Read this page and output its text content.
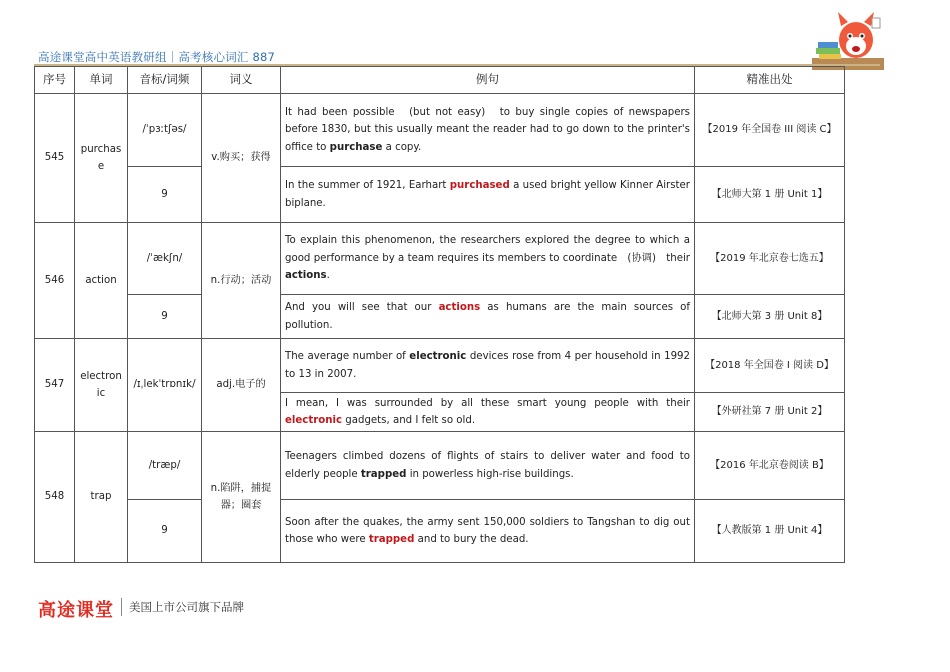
高途课堂高中英语教研组｜高考核心词汇 887
序号	单词	音标/词频	词义	例句	精准出处
545	purchase	/ˈpɜːtʃəs/	v.购买；获得	It had been possible　(but not easy)　to buy single copies of newspapers before 1830, but this usually meant the reader had to go down to the printer's office to purchase a copy.	【2019 年全国卷 III 阅读 C】
		9		In the summer of 1921, Earhart purchased a used bright yellow Kinner Airster biplane.	【北师大第 1 册 Unit 1】
546	action	/ˈækʃn/	n.行动；活动	To explain this phenomenon, the researchers explored the degree to which a good performance by a team requires its members to coordinate　(协调)　their actions.	【2019 年北京卷七选五】
		9		And you will see that our actions as humans are the main sources of pollution.	【北师大第 3 册 Unit 8】
547	electronic	/ɪˌlekˈtrɒnɪk/	adj.电子的	The average number of electronic devices rose from 4 per household in 1992 to 13 in 2007.	【2018 年全国卷 I 阅读 D】
				I mean, I was surrounded by all these smart young people with their electronic gadgets, and I felt so old.	【外研社第 7 册 Unit 2】
548	trap	/træp/	n.陷阱，捕捉器；圈套	Teenagers climbed dozens of flights of stairs to deliver water and food to elderly people trapped in powerless high-rise buildings.	【2016 年北京卷阅读 B】
		9		Soon after the quakes, the army sent 150,000 soldiers to Tangshan to dig out those who were trapped and to bury the dead.	【人教版第 1 册 Unit 4】
高途课堂 美国上市公司旗下品牌
